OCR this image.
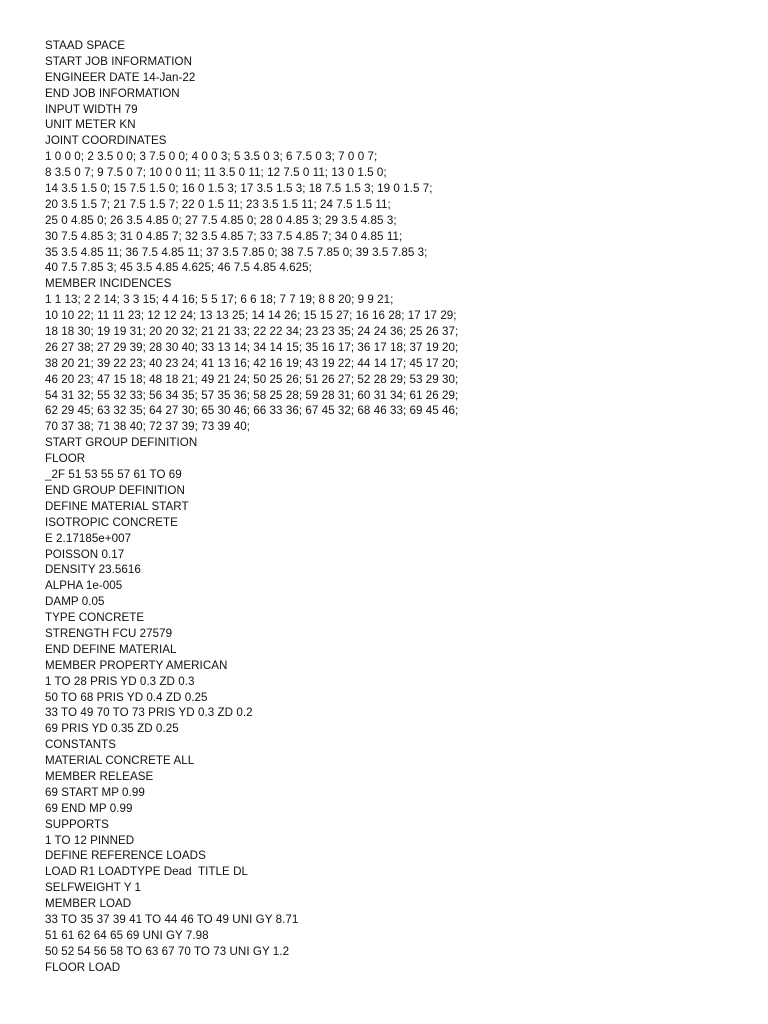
STAAD SPACE
START JOB INFORMATION
ENGINEER DATE 14-Jan-22
END JOB INFORMATION
INPUT WIDTH 79
UNIT METER KN
JOINT COORDINATES
1 0 0 0; 2 3.5 0 0; 3 7.5 0 0; 4 0 0 3; 5 3.5 0 3; 6 7.5 0 3; 7 0 0 7;
8 3.5 0 7; 9 7.5 0 7; 10 0 0 11; 11 3.5 0 11; 12 7.5 0 11; 13 0 1.5 0;
14 3.5 1.5 0; 15 7.5 1.5 0; 16 0 1.5 3; 17 3.5 1.5 3; 18 7.5 1.5 3; 19 0 1.5 7;
20 3.5 1.5 7; 21 7.5 1.5 7; 22 0 1.5 11; 23 3.5 1.5 11; 24 7.5 1.5 11;
25 0 4.85 0; 26 3.5 4.85 0; 27 7.5 4.85 0; 28 0 4.85 3; 29 3.5 4.85 3;
30 7.5 4.85 3; 31 0 4.85 7; 32 3.5 4.85 7; 33 7.5 4.85 7; 34 0 4.85 11;
35 3.5 4.85 11; 36 7.5 4.85 11; 37 3.5 7.85 0; 38 7.5 7.85 0; 39 3.5 7.85 3;
40 7.5 7.85 3; 45 3.5 4.85 4.625; 46 7.5 4.85 4.625;
MEMBER INCIDENCES
1 1 13; 2 2 14; 3 3 15; 4 4 16; 5 5 17; 6 6 18; 7 7 19; 8 8 20; 9 9 21;
10 10 22; 11 11 23; 12 12 24; 13 13 25; 14 14 26; 15 15 27; 16 16 28; 17 17 29;
18 18 30; 19 19 31; 20 20 32; 21 21 33; 22 22 34; 23 23 35; 24 24 36; 25 26 37;
26 27 38; 27 29 39; 28 30 40; 33 13 14; 34 14 15; 35 16 17; 36 17 18; 37 19 20;
38 20 21; 39 22 23; 40 23 24; 41 13 16; 42 16 19; 43 19 22; 44 14 17; 45 17 20;
46 20 23; 47 15 18; 48 18 21; 49 21 24; 50 25 26; 51 26 27; 52 28 29; 53 29 30;
54 31 32; 55 32 33; 56 34 35; 57 35 36; 58 25 28; 59 28 31; 60 31 34; 61 26 29;
62 29 45; 63 32 35; 64 27 30; 65 30 46; 66 33 36; 67 45 32; 68 46 33; 69 45 46;
70 37 38; 71 38 40; 72 37 39; 73 39 40;
START GROUP DEFINITION
FLOOR
_2F 51 53 55 57 61 TO 69
END GROUP DEFINITION
DEFINE MATERIAL START
ISOTROPIC CONCRETE
E 2.17185e+007
POISSON 0.17
DENSITY 23.5616
ALPHA 1e-005
DAMP 0.05
TYPE CONCRETE
STRENGTH FCU 27579
END DEFINE MATERIAL
MEMBER PROPERTY AMERICAN
1 TO 28 PRIS YD 0.3 ZD 0.3
50 TO 68 PRIS YD 0.4 ZD 0.25
33 TO 49 70 TO 73 PRIS YD 0.3 ZD 0.2
69 PRIS YD 0.35 ZD 0.25
CONSTANTS
MATERIAL CONCRETE ALL
MEMBER RELEASE
69 START MP 0.99
69 END MP 0.99
SUPPORTS
1 TO 12 PINNED
DEFINE REFERENCE LOADS
LOAD R1 LOADTYPE Dead  TITLE DL
SELFWEIGHT Y 1
MEMBER LOAD
33 TO 35 37 39 41 TO 44 46 TO 49 UNI GY 8.71
51 61 62 64 65 69 UNI GY 7.98
50 52 54 56 58 TO 63 67 70 TO 73 UNI GY 1.2
FLOOR LOAD
